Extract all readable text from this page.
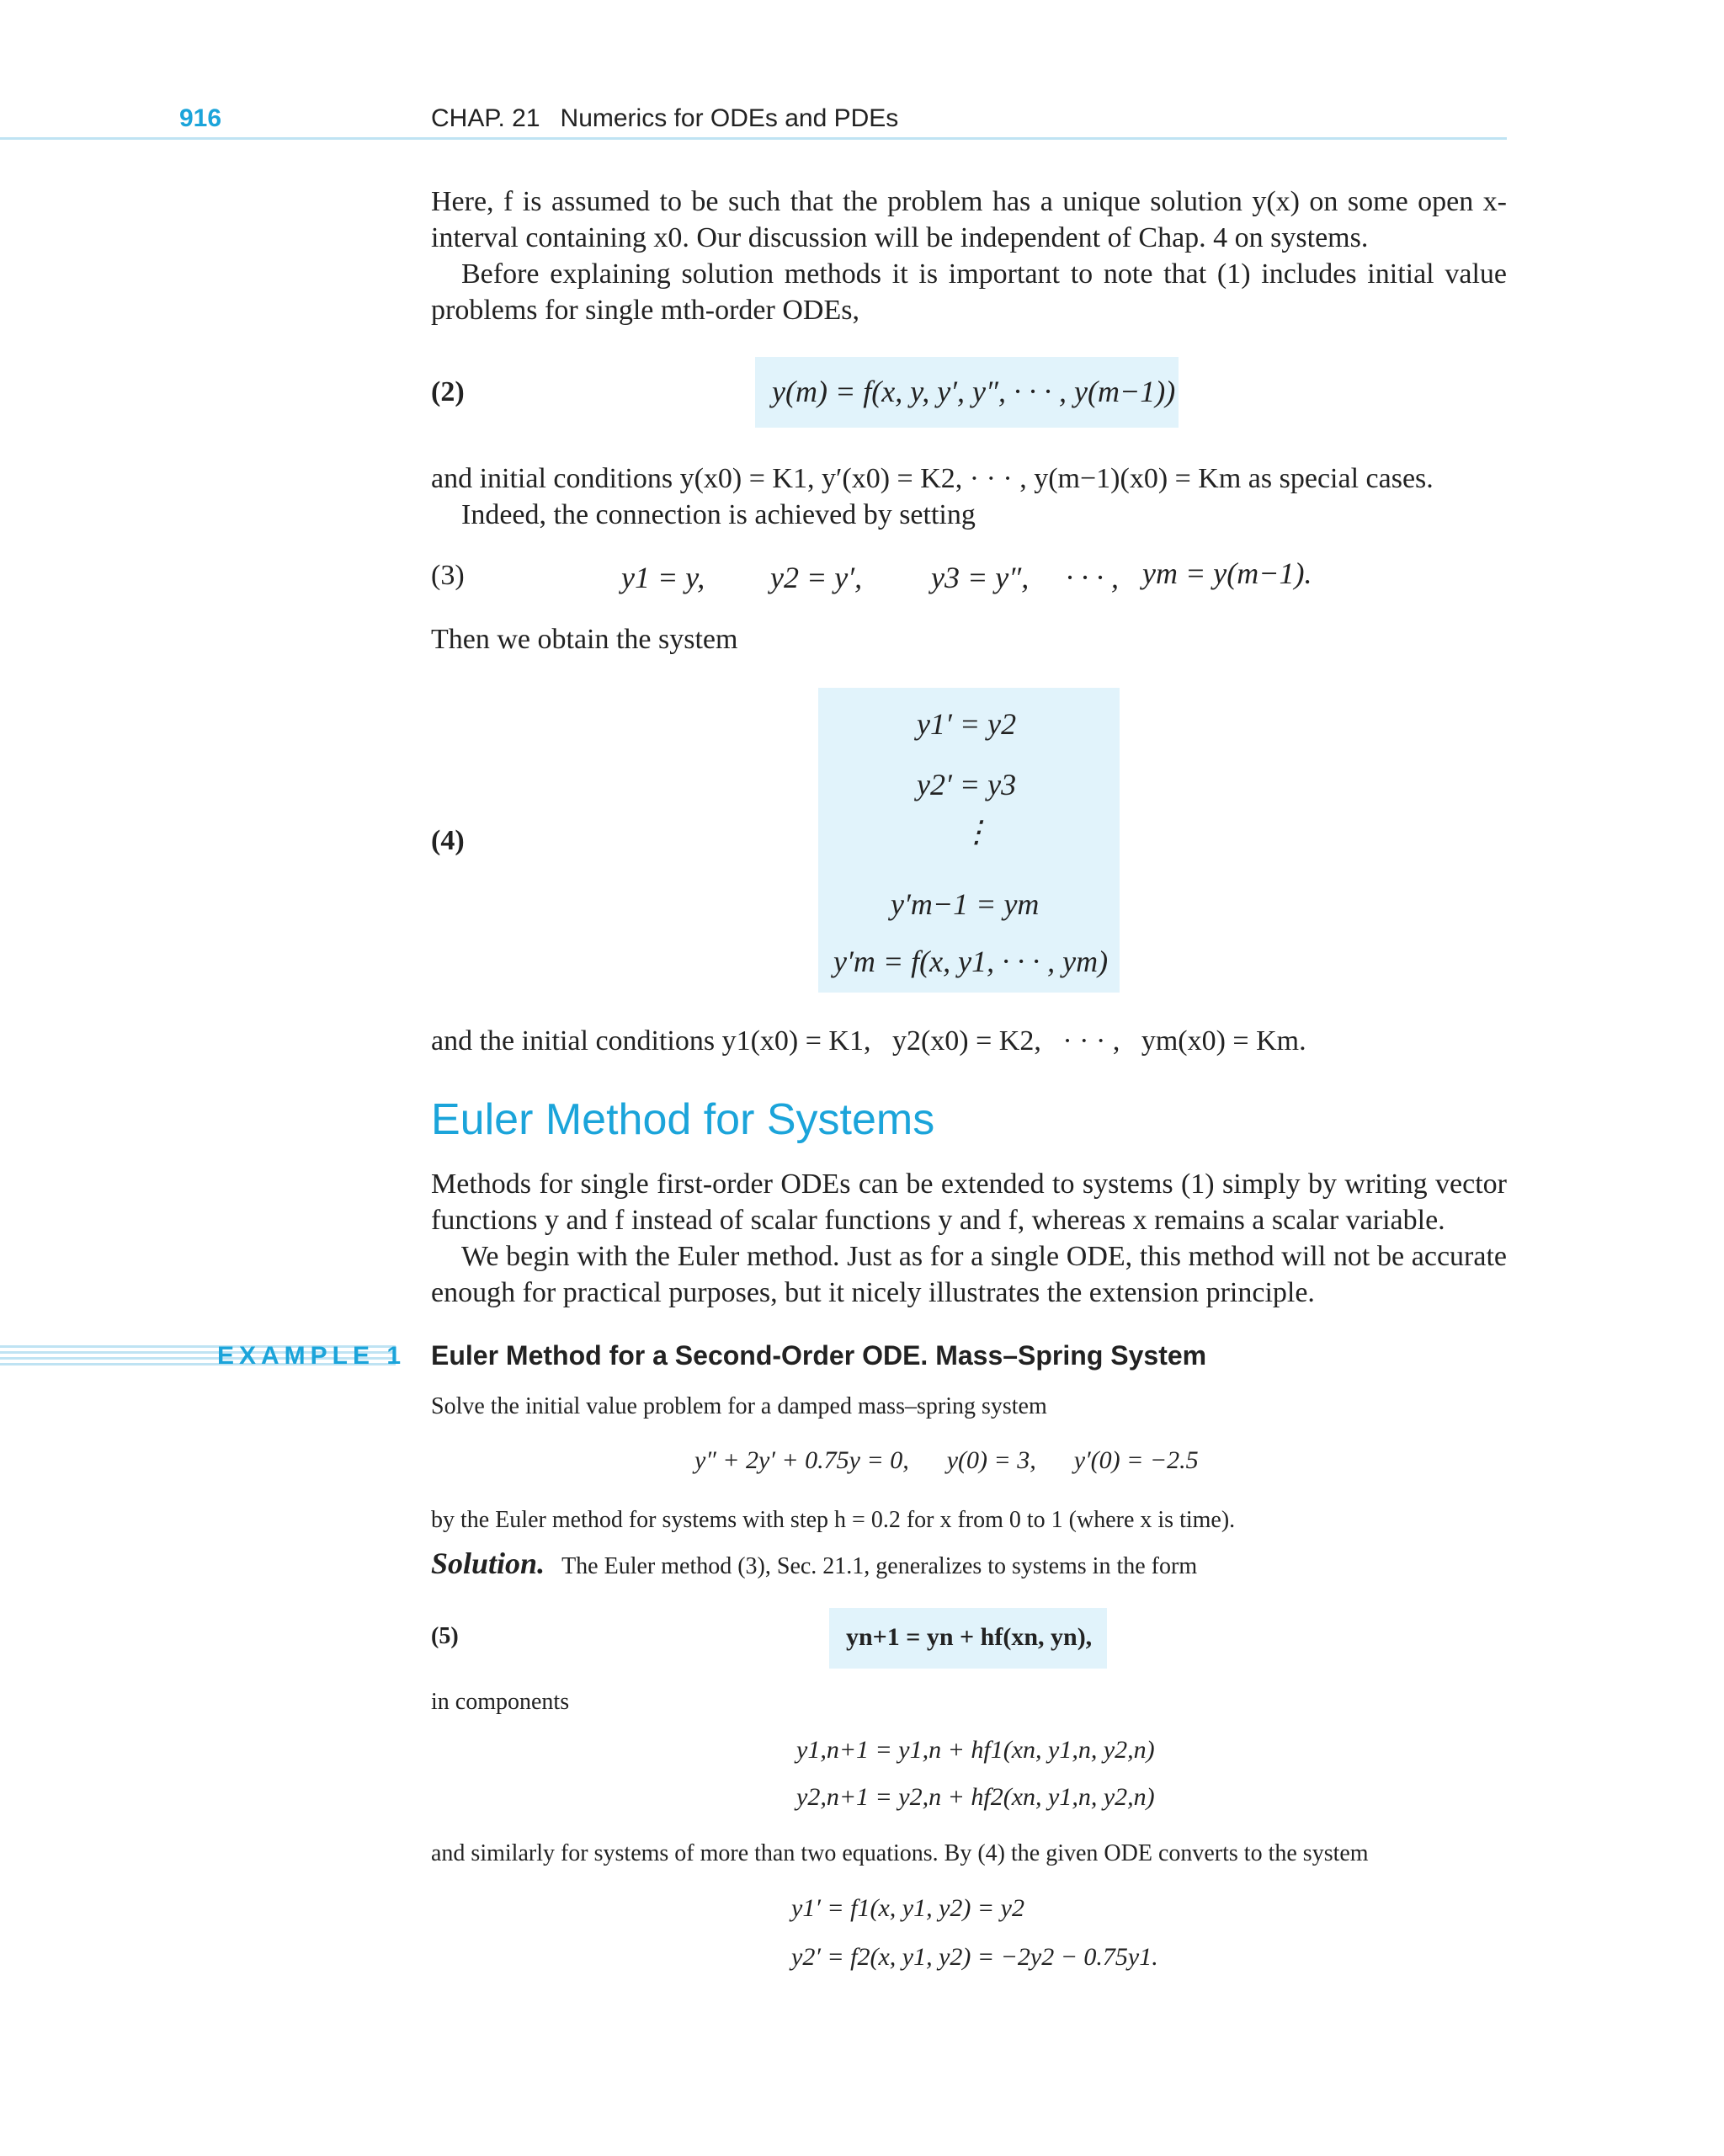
916	CHAP. 21 Numerics for ODEs and PDEs

Here, f is assumed to be such that the problem has a unique solution y(x) on some open x-interval containing x0. Our discussion will be independent of Chap. 4 on systems.

Before explaining solution methods it is important to note that (1) includes initial value problems for single mth-order ODEs,

(2)	y(m) = f(x, y, y′, y″, · · · , y(m−1))

and initial conditions y(x0) = K1, y′(x0) = K2, · · · , y(m−1)(x0) = Km as special cases.

Indeed, the connection is achieved by setting

(3)	y1 = y, y2 = y′, y3 = y″, · · · , ym = y(m−1).
Then we obtain the system
(4)
y1′ = y2
y2′ = y3
⋮
y′m−1 = ym
y′m = f(x, y1, · · · , ym)
and the initial conditions y1(x0) = K1,   y2(x0) = K2,   · · · ,   ym(x0) = Km.
Euler Method for Systems

Methods for single first-order ODEs can be extended to systems (1) simply by writing vector functions y and f instead of scalar functions y and f, whereas x remains a scalar variable.

We begin with the Euler method. Just as for a single ODE, this method will not be accurate enough for practical purposes, but it nicely illustrates the extension principle.

EXAMPLE 1 Euler Method for a Second-Order ODE. Mass–Spring System
Solve the initial value problem for a damped mass–spring system
y″ + 2y′ + 0.75y = 0,      y(0) = 3,      y′(0) = −2.5
by the Euler method for systems with step h = 0.2 for x from 0 to 1 (where x is time).
Solution. The Euler method (3), Sec. 21.1, generalizes to systems in the form
(5)	yn+1 = yn + hf(xn, yn),
in components
y1,n+1 = y1,n + hf1(xn, y1,n, y2,n)
y2,n+1 = y2,n + hf2(xn, y1,n, y2,n)
and similarly for systems of more than two equations. By (4) the given ODE converts to the system
y1′ = f1(x, y1, y2) = y2
y2′ = f2(x, y1, y2) = −2y2 − 0.75y1.
